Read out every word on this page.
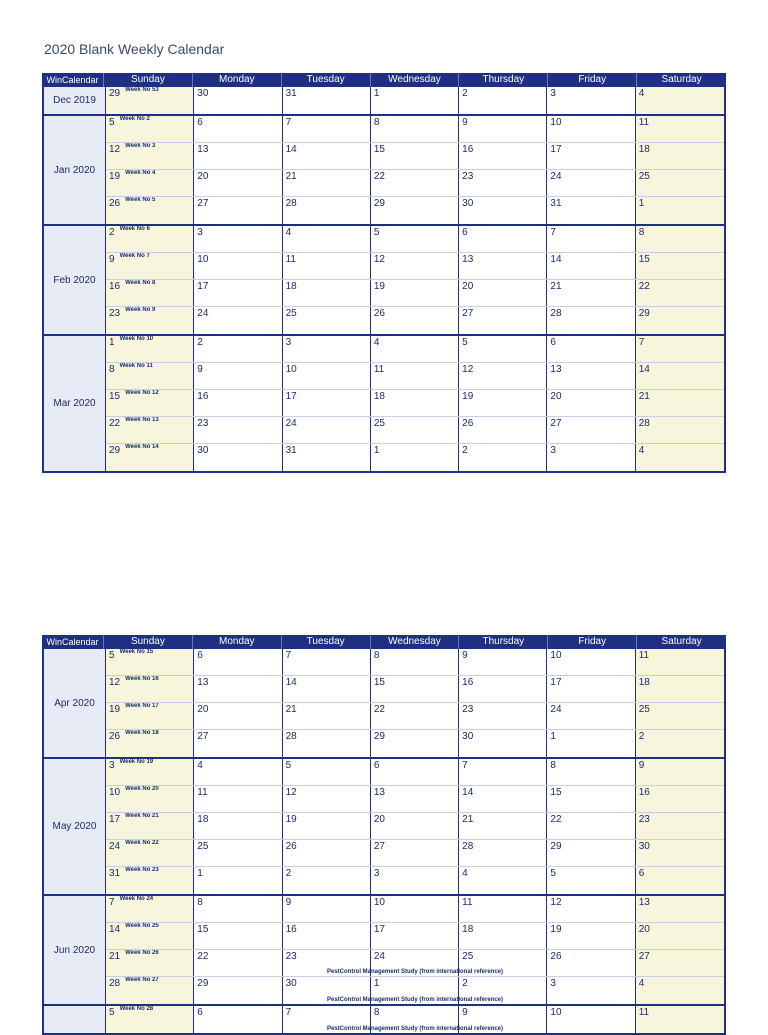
2020 Blank Weekly Calendar
WinCalendar	Sunday	Monday	Tuesday	Wednesday	Thursday	Friday	Saturday
Dec 2019
29 $^{Week No 53}$	30	31	1	2	3	4
Jan 2020
5 $^{Week No 2}$	6	7	8	9	10	11
12 $^{Week No 3}$	13	14	15	16	17	18
19 $^{Week No 4}$	20	21	22	23	24	25
26 $^{Week No 5}$	27	28	29	30	31	1
Feb 2020
2 $^{Week No 6}$	3	4	5	6	7	8
9 $^{Week No 7}$	10	11	12	13	14	15
16 $^{Week No 8}$	17	18	19	20	21	22
23 $^{Week No 9}$	24	25	26	27	28	29
Mar 2020
1 $^{Week No 10}$	2	3	4	5	6	7
8 $^{Week No 11}$	9	10	11	12	13	14
15 $^{Week No 12}$	16	17	18	19	20	21
22 $^{Week No 13}$	23	24	25	26	27	28
29 $^{Week No 14}$	30	31	1	2	3	4
WinCalendar	Sunday	Monday	Tuesday	Wednesday	Thursday	Friday	Saturday
Apr 2020
5 $^{Week No 15}$	6	7	8	9	10	11
12 $^{Week No 16}$	13	14	15	16	17	18
19 $^{Week No 17}$	20	21	22	23	24	25
26 $^{Week No 18}$	27	28	29	30	1	2
May 2020
3 $^{Week No 19}$	4	5	6	7	8	9
10 $^{Week No 20}$	11	12	13	14	15	16
17 $^{Week No 21}$	18	19	20	21	22	23
24 $^{Week No 22}$	25	26	27	28	29	30
31 $^{Week No 23}$	1	2	3	4	5	6
Jun 2020
7 $^{Week No 24}$	8	9	10	11	12	13
14 $^{Week No 25}$	15	16	17	18	19	20
21 $^{Week No 26}$	22	23	24	25	26	27
PestControl Management Study (from international reference)
28 $^{Week No 27}$	29	30	1	2	3	4
PestControl Management Study (from international reference)
5 $^{Week No 28}$	6	7	8	9	10	11
PestControl Management Study (from international reference)
